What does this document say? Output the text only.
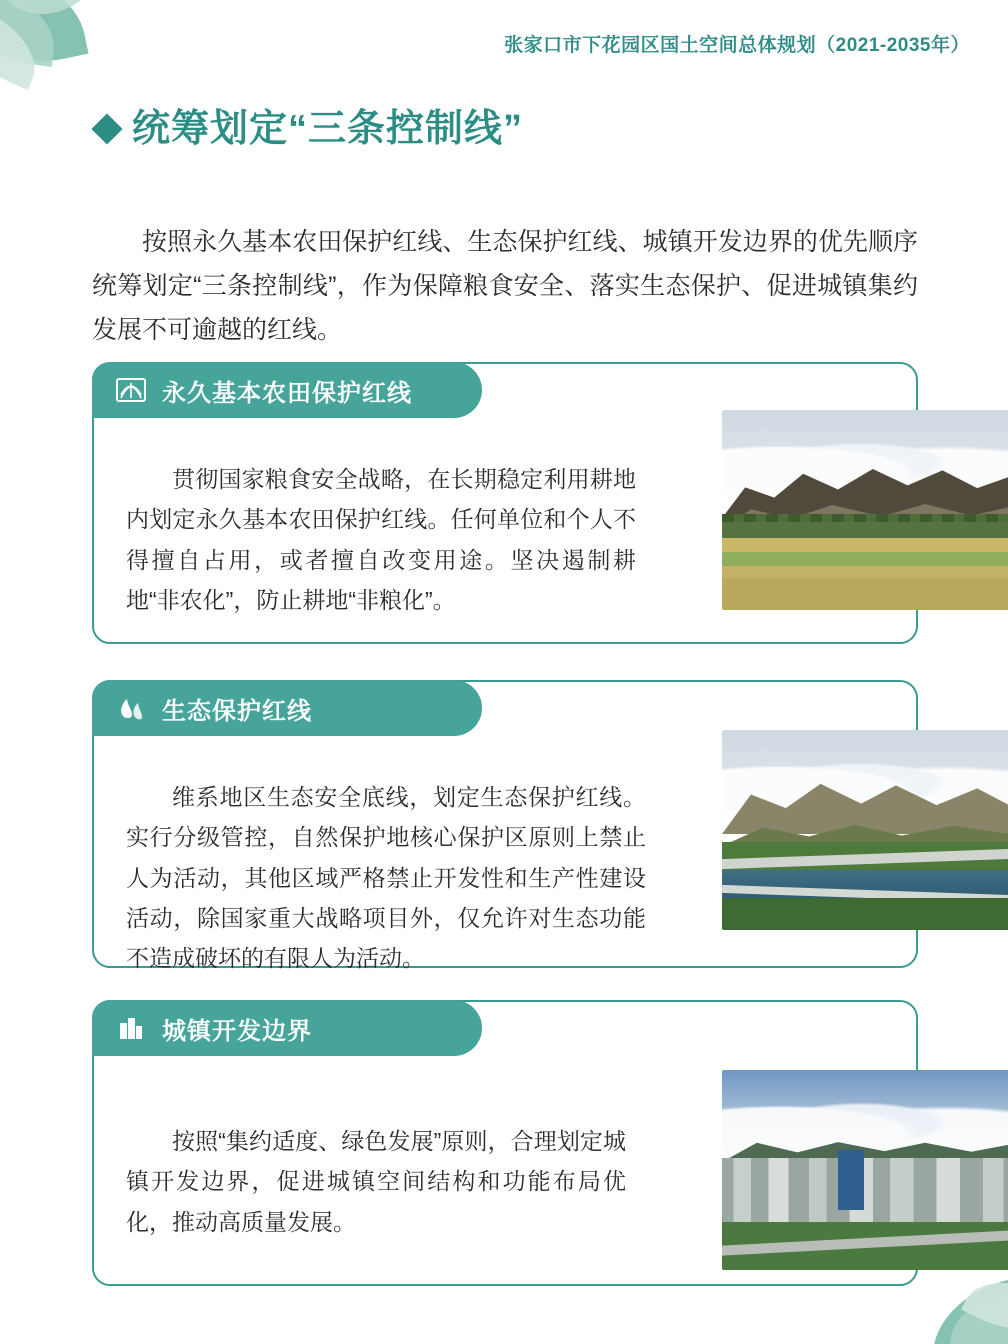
张家口市下花园区国土空间总体规划（2021-2035年）
统筹划定“三条控制线”

按照永久基本农田保护红线、生态保护红线、城镇开发边界的优先顺序统筹划定“三条控制线”，作为保障粮食安全、落实生态保护、促进城镇集约发展不可逾越的红线。

永久基本农田保护红线

贯彻国家粮食安全战略，在长期稳定利用耕地内划定永久基本农田保护红线。任何单位和个人不得擅自占用，或者擅自改变用途。坚决遏制耕地“非农化”，防止耕地“非粮化”。

生态保护红线

维系地区生态安全底线，划定生态保护红线。实行分级管控，自然保护地核心保护区原则上禁止人为活动，其他区域严格禁止开发性和生产性建设活动，除国家重大战略项目外，仅允许对生态功能不造成破坏的有限人为活动。

城镇开发边界

按照“集约适度、绿色发展”原则，合理划定城镇开发边界，促进城镇空间结构和功能布局优化，推动高质量发展。
